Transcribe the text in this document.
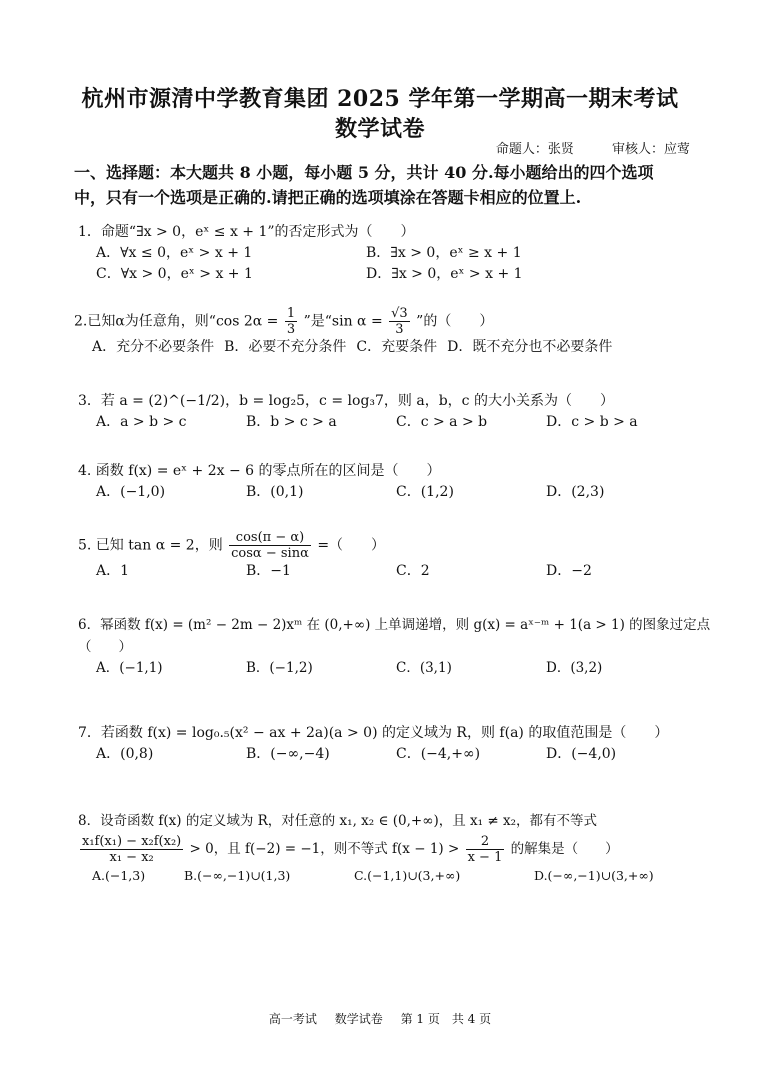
杭州市源清中学教育集团 2025 学年第一学期高一期末考试
数学试卷
命题人：张贤	审核人：应莺
一、选择题：本大题共 8 小题，每小题 5 分，共计 40 分.每小题给出的四个选项
中，只有一个选项是正确的.请把正确的选项填涂在答题卡相应的位置上.
1．命题“∃x > 0，eˣ ≤ x + 1”的否定形式为（　　）
A．∀x ≤ 0，eˣ > x + 1	B．∃x > 0，eˣ ≥ x + 1
C．∀x > 0，eˣ > x + 1	D．∃x > 0，eˣ > x + 1
2.已知α为任意角，则“cos $2\alpha = \frac{1}{3}$ ”是“sin $\alpha = \frac{√3}{3}$ ”的（　　）
A．充分不必要条件 B．必要不充分条件 C．充要条件 D．既不充分也不必要条件
3．若 a = (2)^(−1/2)，b = log₂5，c = log₃7，则 a，b，c 的大小关系为（　　）
A．a > b > c	B．b > c > a	C．c > a > b	D．c > b > a
4. 函数 f(x) = eˣ + 2x − 6 的零点所在的区间是（　　）
A．(−1,0)	B．(0,1)	C．(1,2)	D．(2,3)
5. 已知 tan α = 2，则 $\frac{\cos(\pi - \alpha)}{\cos\alpha - \sin\alpha}$ =（　　）
A．1	B．−1	C．2	D．−2
6．幂函数 f(x) = (m² − 2m − 2)xᵐ 在 (0,+∞) 上单调递增，则 g(x) = aˣ⁻ᵐ + 1(a > 1) 的图象过定点
（　　）
A．(−1,1)	B．(−1,2)	C．(3,1)	D．(3,2)
7．若函数 f(x) = log₀.₅(x² − ax + 2a)(a > 0) 的定义域为 R，则 f(a) 的取值范围是（　　）
A．(0,8)	B．(−∞,−4)	C．(−4,+∞)	D．(−4,0)
8．设奇函数 f(x) 的定义域为 R，对任意的 x₁, x₂ ∈ (0,+∞)，且 x₁ ≠ x₂，都有不等式
$\frac{\text{x₁f(x₁) − x₂f(x₂)}}{\text{x₁ − x₂}} > 0$，且 f(−2) = −1，则不等式 $f(x - 1) > \frac{2}{x - 1}$ 的解集是（　　）
A.(−1,3)	B.(−∞,−1)∪(1,3)	C.(−1,1)∪(3,+∞)	D.(−∞,−1)∪(3,+∞)
高一考试 数学试卷 第 1 页　共 4 页
